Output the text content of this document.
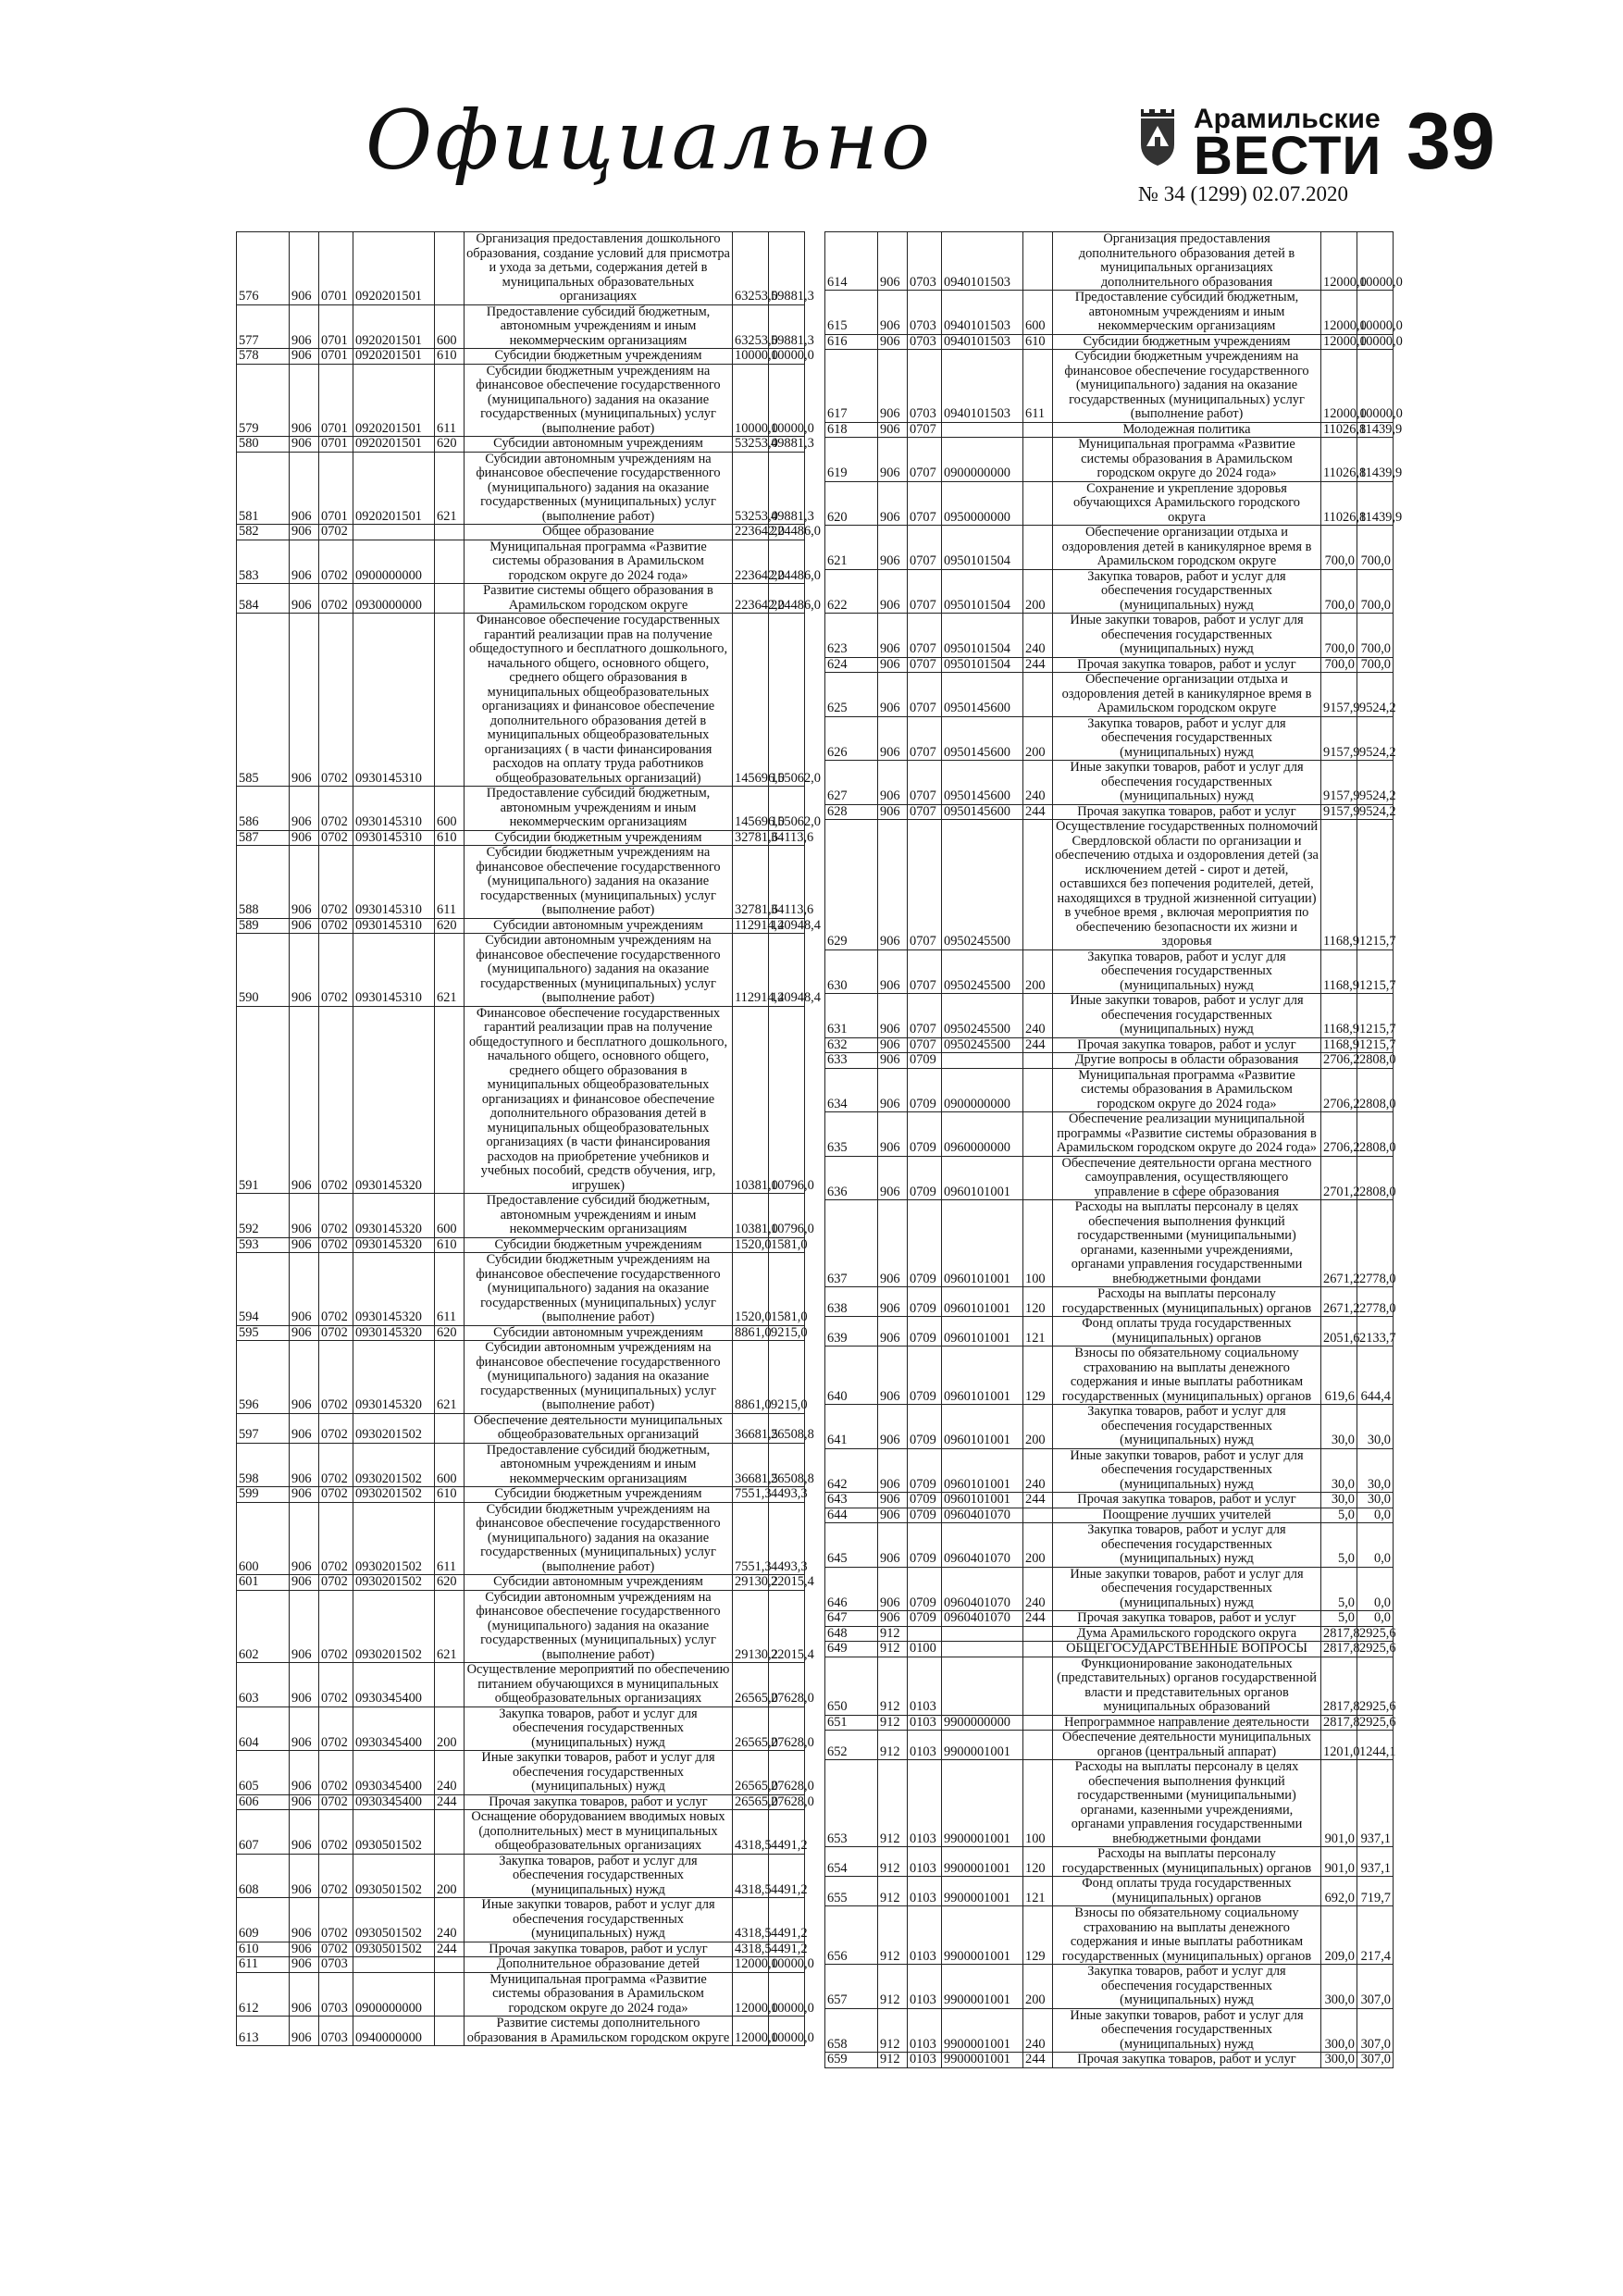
Официально	Арамильские
ВЕСТИ 39
№ 34 (1299) 02.07.2020
576	906	0701	0920201501		Организация предоставления дошкольного образования, создание условий для присмотра и ухода за детьми, содержания детей в муниципальных образовательных организациях	63253,0	59881,3
577	906	0701	0920201501	600	Предоставление субсидий бюджетным, автономным учреждениям и иным некоммерческим организациям	63253,0	59881,3
578	906	0701	0920201501	610	Субсидии бюджетным учреждениям	10000,0	10000,0
579	906	0701	0920201501	611	Субсидии бюджетным учреждениям на финансовое обеспечение государственного (муниципального) задания на оказание государственных (муниципальных) услуг (выполнение работ)	10000,0	10000,0
580	906	0701	0920201501	620	Субсидии автономным учреждениям	53253,0	49881,3
581	906	0701	0920201501	621	Субсидии автономным учреждениям на финансовое обеспечение государственного (муниципального) задания на оказание государственных (муниципальных) услуг (выполнение работ)	53253,0	49881,3
582	906	0702			Общее образование	223642,0	224486,0
583	906	0702	0900000000		Муниципальная программа «Развитие системы образования в Арамильском городском округе до 2024 года»	223642,0	224486,0
584	906	0702	0930000000		Развитие системы общего образования в Арамильском городском округе	223642,0	224486,0
585	906	0702	0930145310		Финансовое обеспечение государственных гарантий реализации прав на получение общедоступного и бесплатного дошкольного, начального общего, основного общего, среднего общего образования в муниципальных общеобразовательных организациях и финансовое обеспечение дополнительного образования детей в муниципальных общеобразовательных организациях ( в части финансирования расходов на оплату труда работников общеобразовательных организаций)	145696,0	155062,0
586	906	0702	0930145310	600	Предоставление субсидий бюджетным, автономным учреждениям и иным некоммерческим организациям	145696,0	155062,0
587	906	0702	0930145310	610	Субсидии бюджетным учреждениям	32781,6	34113,6
588	906	0702	0930145310	611	Субсидии бюджетным учреждениям на финансовое обеспечение государственного (муниципального) задания на оказание государственных (муниципальных) услуг (выполнение работ)	32781,6	34113,6
589	906	0702	0930145310	620	Субсидии автономным учреждениям	112914,4	120948,4
590	906	0702	0930145310	621	Субсидии автономным учреждениям на финансовое обеспечение государственного (муниципального) задания на оказание государственных (муниципальных) услуг (выполнение работ)	112914,4	120948,4
591	906	0702	0930145320		Финансовое обеспечение государственных гарантий реализации прав на получение общедоступного и бесплатного дошкольного, начального общего, основного общего, среднего общего образования в муниципальных общеобразовательных организациях и финансовое обеспечение дополнительного образования детей в муниципальных общеобразовательных организациях (в части финансирования расходов на приобретение учебников и учебных пособий, средств обучения, игр, игрушек)	10381,0	10796,0
592	906	0702	0930145320	600	Предоставление субсидий бюджетным, автономным учреждениям и иным некоммерческим организациям	10381,0	10796,0
593	906	0702	0930145320	610	Субсидии бюджетным учреждениям	1520,0	1581,0
594	906	0702	0930145320	611	Субсидии бюджетным учреждениям на финансовое обеспечение государственного (муниципального) задания на оказание государственных (муниципальных) услуг (выполнение работ)	1520,0	1581,0
595	906	0702	0930145320	620	Субсидии автономным учреждениям	8861,0	9215,0
596	906	0702	0930145320	621	Субсидии автономным учреждениям на финансовое обеспечение государственного (муниципального) задания на оказание государственных (муниципальных) услуг (выполнение работ)	8861,0	9215,0
597	906	0702	0930201502		Обеспечение деятельности муниципальных общеобразовательных организаций	36681,5	26508,8
598	906	0702	0930201502	600	Предоставление субсидий бюджетным, автономным учреждениям и иным некоммерческим организациям	36681,5	26508,8
599	906	0702	0930201502	610	Субсидии бюджетным учреждениям	7551,3	4493,3
600	906	0702	0930201502	611	Субсидии бюджетным учреждениям на финансовое обеспечение государственного (муниципального) задания на оказание государственных (муниципальных) услуг (выполнение работ)	7551,3	4493,3
601	906	0702	0930201502	620	Субсидии автономным учреждениям	29130,2	22015,4
602	906	0702	0930201502	621	Субсидии автономным учреждениям на финансовое обеспечение государственного (муниципального) задания на оказание государственных (муниципальных) услуг (выполнение работ)	29130,2	22015,4
603	906	0702	0930345400		Осуществление мероприятий по обеспечению питанием обучающихся в муниципальных общеобразовательных организациях	26565,0	27628,0
604	906	0702	0930345400	200	Закупка товаров, работ и услуг для обеспечения государственных (муниципальных) нужд	26565,0	27628,0
605	906	0702	0930345400	240	Иные закупки товаров, работ и услуг для обеспечения государственных (муниципальных) нужд	26565,0	27628,0
606	906	0702	0930345400	244	Прочая закупка товаров, работ и услуг	26565,0	27628,0
607	906	0702	0930501502		Оснащение оборудованием вводимых новых (дополнительных) мест в муниципальных общеобразовательных организациях	4318,5	4491,2
608	906	0702	0930501502	200	Закупка товаров, работ и услуг для обеспечения государственных (муниципальных) нужд	4318,5	4491,2
609	906	0702	0930501502	240	Иные закупки товаров, работ и услуг для обеспечения государственных (муниципальных) нужд	4318,5	4491,2
610	906	0702	0930501502	244	Прочая закупка товаров, работ и услуг	4318,5	4491,2
611	906	0703			Дополнительное образование детей	12000,0	10000,0
612	906	0703	0900000000		Муниципальная программа «Развитие системы образования в Арамильском городском округе до 2024 года»	12000,0	10000,0
613	906	0703	0940000000		Развитие системы дополнительного образования в Арамильском городском округе	12000,0	10000,0
614	906	0703	0940101503		Организация предоставления дополнительного образования детей в муниципальных организациях дополнительного образования	12000,0	10000,0
615	906	0703	0940101503	600	Предоставление субсидий бюджетным, автономным учреждениям и иным некоммерческим организациям	12000,0	10000,0
616	906	0703	0940101503	610	Субсидии бюджетным учреждениям	12000,0	10000,0
617	906	0703	0940101503	611	Субсидии бюджетным учреждениям на финансовое обеспечение государственного (муниципального) задания на оказание государственных (муниципальных) услуг (выполнение работ)	12000,0	10000,0
618	906	0707			Молодежная политика	11026,8	11439,9
619	906	0707	0900000000		Муниципальная программа «Развитие системы образования в Арамильском городском округе до 2024 года»	11026,8	11439,9
620	906	0707	0950000000		Сохранение и укрепление здоровья обучающихся Арамильского городского округа	11026,8	11439,9
621	906	0707	0950101504		Обеспечение организации отдыха и оздоровления детей в каникулярное время в Арамильском городском округе	700,0	700,0
622	906	0707	0950101504	200	Закупка товаров, работ и услуг для обеспечения государственных (муниципальных) нужд	700,0	700,0
623	906	0707	0950101504	240	Иные закупки товаров, работ и услуг для обеспечения государственных (муниципальных) нужд	700,0	700,0
624	906	0707	0950101504	244	Прочая закупка товаров, работ и услуг	700,0	700,0
625	906	0707	0950145600		Обеспечение организации отдыха и оздоровления детей в каникулярное время в Арамильском городском округе	9157,9	9524,2
626	906	0707	0950145600	200	Закупка товаров, работ и услуг для обеспечения государственных (муниципальных) нужд	9157,9	9524,2
627	906	0707	0950145600	240	Иные закупки товаров, работ и услуг для обеспечения государственных (муниципальных) нужд	9157,9	9524,2
628	906	0707	0950145600	244	Прочая закупка товаров, работ и услуг	9157,9	9524,2
629	906	0707	0950245500		Осуществление государственных полномочий Свердловской области по организации и обеспечению отдыха и оздоровления детей (за исключением детей - сирот и детей, оставшихся без попечения родителей, детей, находящихся в трудной жизненной ситуации) в учебное время , включая мероприятия по обеспечению безопасности их жизни и здоровья	1168,9	1215,7
630	906	0707	0950245500	200	Закупка товаров, работ и услуг для обеспечения государственных (муниципальных) нужд	1168,9	1215,7
631	906	0707	0950245500	240	Иные закупки товаров, работ и услуг для обеспечения государственных (муниципальных) нужд	1168,9	1215,7
632	906	0707	0950245500	244	Прочая закупка товаров, работ и услуг	1168,9	1215,7
633	906	0709			Другие вопросы в области образования	2706,2	2808,0
634	906	0709	0900000000		Муниципальная программа «Развитие системы образования в Арамильском городском округе до 2024 года»	2706,2	2808,0
635	906	0709	0960000000		Обеспечение реализации муниципальной программы «Развитие системы образования в Арамильском городском округе до 2024 года»	2706,2	2808,0
636	906	0709	0960101001		Обеспечение деятельности органа местного самоуправления, осуществляющего управление в сфере образования	2701,2	2808,0
637	906	0709	0960101001	100	Расходы на выплаты персоналу в целях обеспечения выполнения функций государственными (муниципальными) органами, казенными учреждениями, органами управления государственными внебюджетными фондами	2671,2	2778,0
638	906	0709	0960101001	120	Расходы на выплаты персоналу государственных (муниципальных) органов	2671,2	2778,0
639	906	0709	0960101001	121	Фонд оплаты труда государственных (муниципальных) органов	2051,6	2133,7
640	906	0709	0960101001	129	Взносы по обязательному социальному страхованию на выплаты денежного содержания и иные выплаты работникам государственных (муниципальных) органов	619,6	644,4
641	906	0709	0960101001	200	Закупка товаров, работ и услуг для обеспечения государственных (муниципальных) нужд	30,0	30,0
642	906	0709	0960101001	240	Иные закупки товаров, работ и услуг для обеспечения государственных (муниципальных) нужд	30,0	30,0
643	906	0709	0960101001	244	Прочая закупка товаров, работ и услуг	30,0	30,0
644	906	0709	0960401070		Поощрение лучших учителей	5,0	0,0
645	906	0709	0960401070	200	Закупка товаров, работ и услуг для обеспечения государственных (муниципальных) нужд	5,0	0,0
646	906	0709	0960401070	240	Иные закупки товаров, работ и услуг для обеспечения государственных (муниципальных) нужд	5,0	0,0
647	906	0709	0960401070	244	Прочая закупка товаров, работ и услуг	5,0	0,0
648	912				Дума Арамильского городского округа	2817,8	2925,6
649	912	0100			ОБЩЕГОСУДАРСТВЕННЫЕ ВОПРОСЫ	2817,8	2925,6
650	912	0103			Функционирование законодательных (представительных) органов государственной власти и представительных органов муниципальных образований	2817,8	2925,6
651	912	0103	9900000000		Непрограммное направление деятельности	2817,8	2925,6
652	912	0103	9900001001		Обеспечение деятельности муниципальных органов (центральный аппарат)	1201,0	1244,1
653	912	0103	9900001001	100	Расходы на выплаты персоналу в целях обеспечения выполнения функций государственными (муниципальными) органами, казенными учреждениями, органами управления государственными внебюджетными фондами	901,0	937,1
654	912	0103	9900001001	120	Расходы на выплаты персоналу государственных (муниципальных) органов	901,0	937,1
655	912	0103	9900001001	121	Фонд оплаты труда государственных (муниципальных) органов	692,0	719,7
656	912	0103	9900001001	129	Взносы по обязательному социальному страхованию на выплаты денежного содержания и иные выплаты работникам государственных (муниципальных) органов	209,0	217,4
657	912	0103	9900001001	200	Закупка товаров, работ и услуг для обеспечения государственных (муниципальных) нужд	300,0	307,0
658	912	0103	9900001001	240	Иные закупки товаров, работ и услуг для обеспечения государственных (муниципальных) нужд	300,0	307,0
659	912	0103	9900001001	244	Прочая закупка товаров, работ и услуг	300,0	307,0
